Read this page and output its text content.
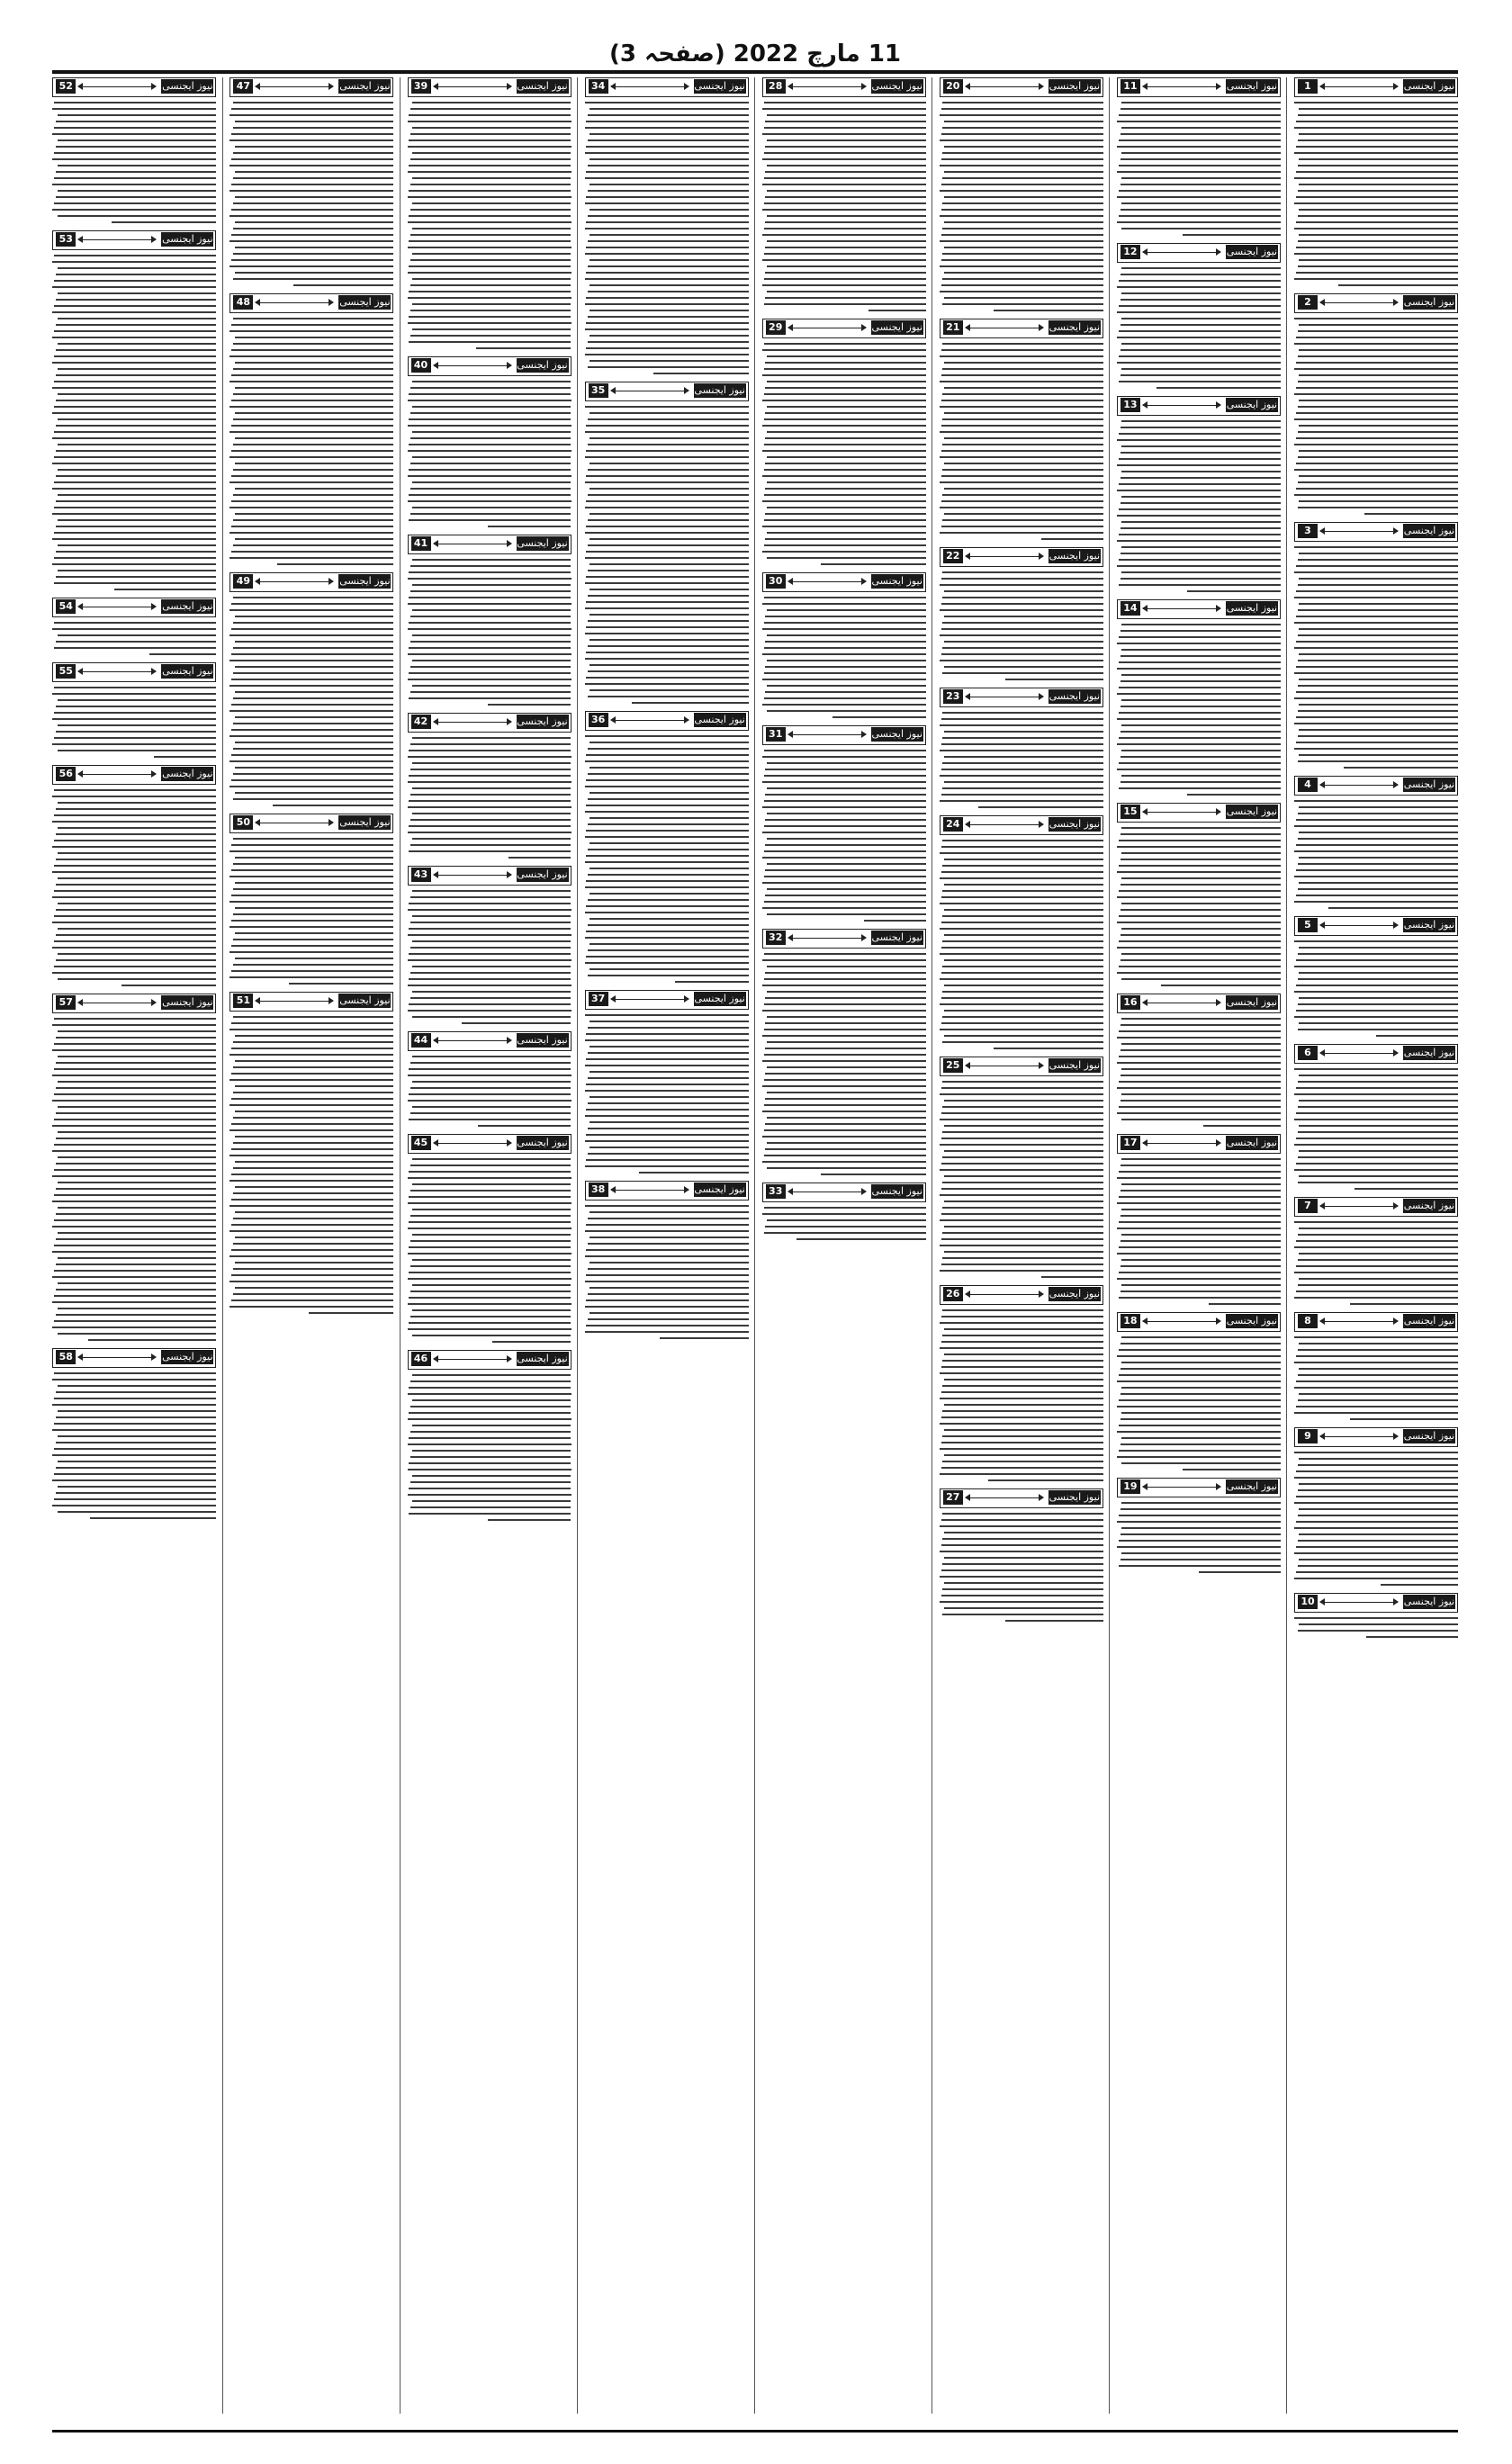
11 مارچ 2022 (صفحہ 3)
نیوز ایجنسی
1
نیوز ایجنسی
2
نیوز ایجنسی
3
نیوز ایجنسی
4
نیوز ایجنسی
5
نیوز ایجنسی
6
نیوز ایجنسی
7
نیوز ایجنسی
8
نیوز ایجنسی
9
نیوز ایجنسی
10
نیوز ایجنسی
11
نیوز ایجنسی
12
نیوز ایجنسی
13
نیوز ایجنسی
14
نیوز ایجنسی
15
نیوز ایجنسی
16
نیوز ایجنسی
17
نیوز ایجنسی
18
نیوز ایجنسی
19
نیوز ایجنسی
20
نیوز ایجنسی
21
نیوز ایجنسی
22
نیوز ایجنسی
23
نیوز ایجنسی
24
نیوز ایجنسی
25
نیوز ایجنسی
26
نیوز ایجنسی
27
نیوز ایجنسی
28
نیوز ایجنسی
29
نیوز ایجنسی
30
نیوز ایجنسی
31
نیوز ایجنسی
32
نیوز ایجنسی
33
نیوز ایجنسی
34
نیوز ایجنسی
35
نیوز ایجنسی
36
نیوز ایجنسی
37
نیوز ایجنسی
38
نیوز ایجنسی
39
نیوز ایجنسی
40
نیوز ایجنسی
41
نیوز ایجنسی
42
نیوز ایجنسی
43
نیوز ایجنسی
44
نیوز ایجنسی
45
نیوز ایجنسی
46
نیوز ایجنسی
47
نیوز ایجنسی
48
نیوز ایجنسی
49
نیوز ایجنسی
50
نیوز ایجنسی
51
نیوز ایجنسی
52
نیوز ایجنسی
53
نیوز ایجنسی
54
نیوز ایجنسی
55
نیوز ایجنسی
56
نیوز ایجنسی
57
نیوز ایجنسی
58
